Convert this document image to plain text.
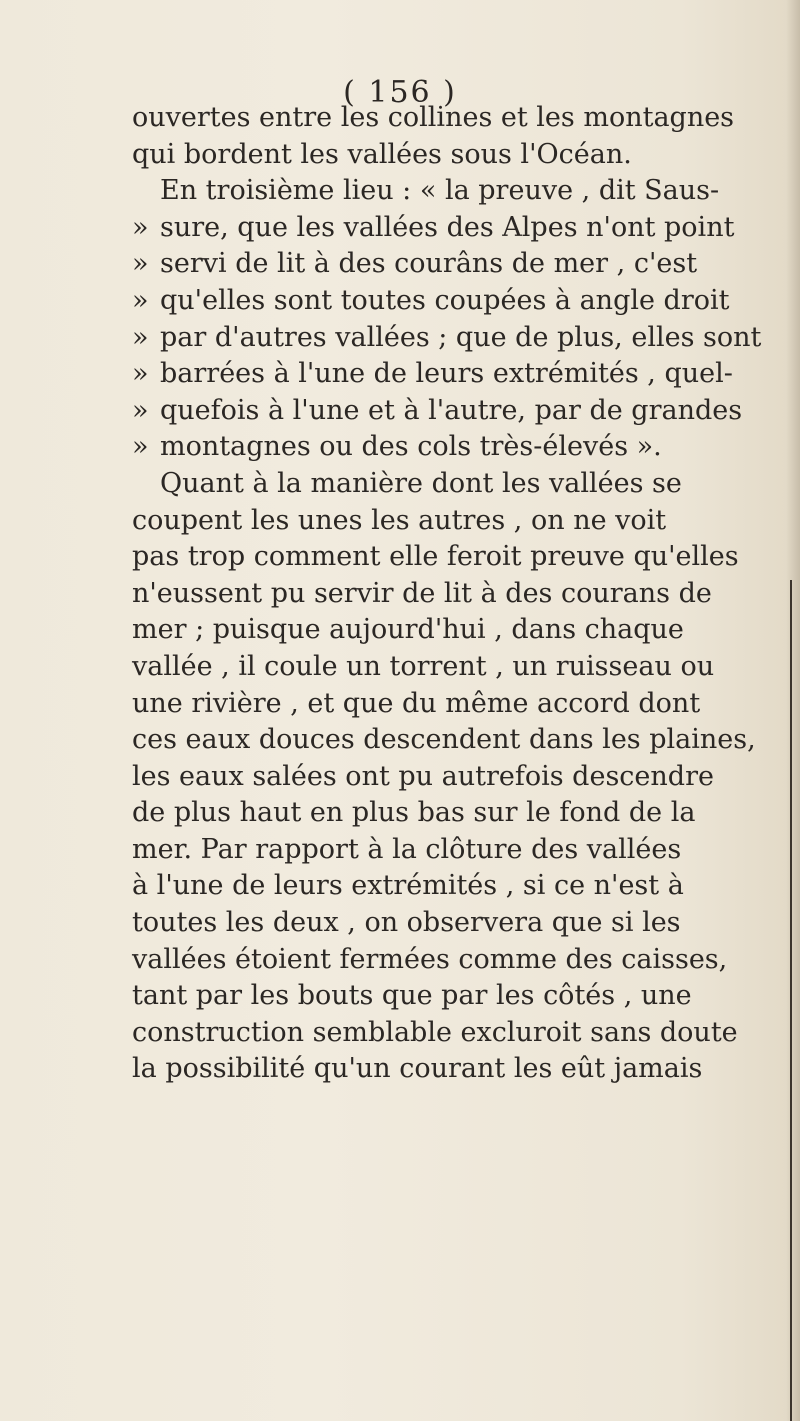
( 156 )
ouvertes entre les collines et les montagnes
qui bordent les vallées sous l'Océan.
En troisième lieu : « la preuve , dit Saus-
» sure, que les vallées des Alpes n'ont point
» servi de lit à des courâns de mer , c'est
» qu'elles sont toutes coupées à angle droit
» par d'autres vallées ; que de plus, elles sont
» barrées à l'une de leurs extrémités , quel-
» quefois à l'une et à l'autre, par de grandes
» montagnes ou des cols très-élevés ».
Quant à la manière dont les vallées se
coupent les unes les autres , on ne voit
pas trop comment elle feroit preuve qu'elles
n'eussent pu servir de lit à des courans de
mer ; puisque aujourd'hui , dans chaque
vallée , il coule un torrent , un ruisseau ou
une rivière , et que du même accord dont
ces eaux douces descendent dans les plaines,
les eaux salées ont pu autrefois descendre
de plus haut en plus bas sur le fond de la
mer. Par rapport à la clôture des vallées
à l'une de leurs extrémités , si ce n'est à
toutes les deux , on observera que si les
vallées étoient fermées comme des caisses,
tant par les bouts que par les côtés , une
construction semblable excluroit sans doute
la possibilité qu'un courant les eût jamais
